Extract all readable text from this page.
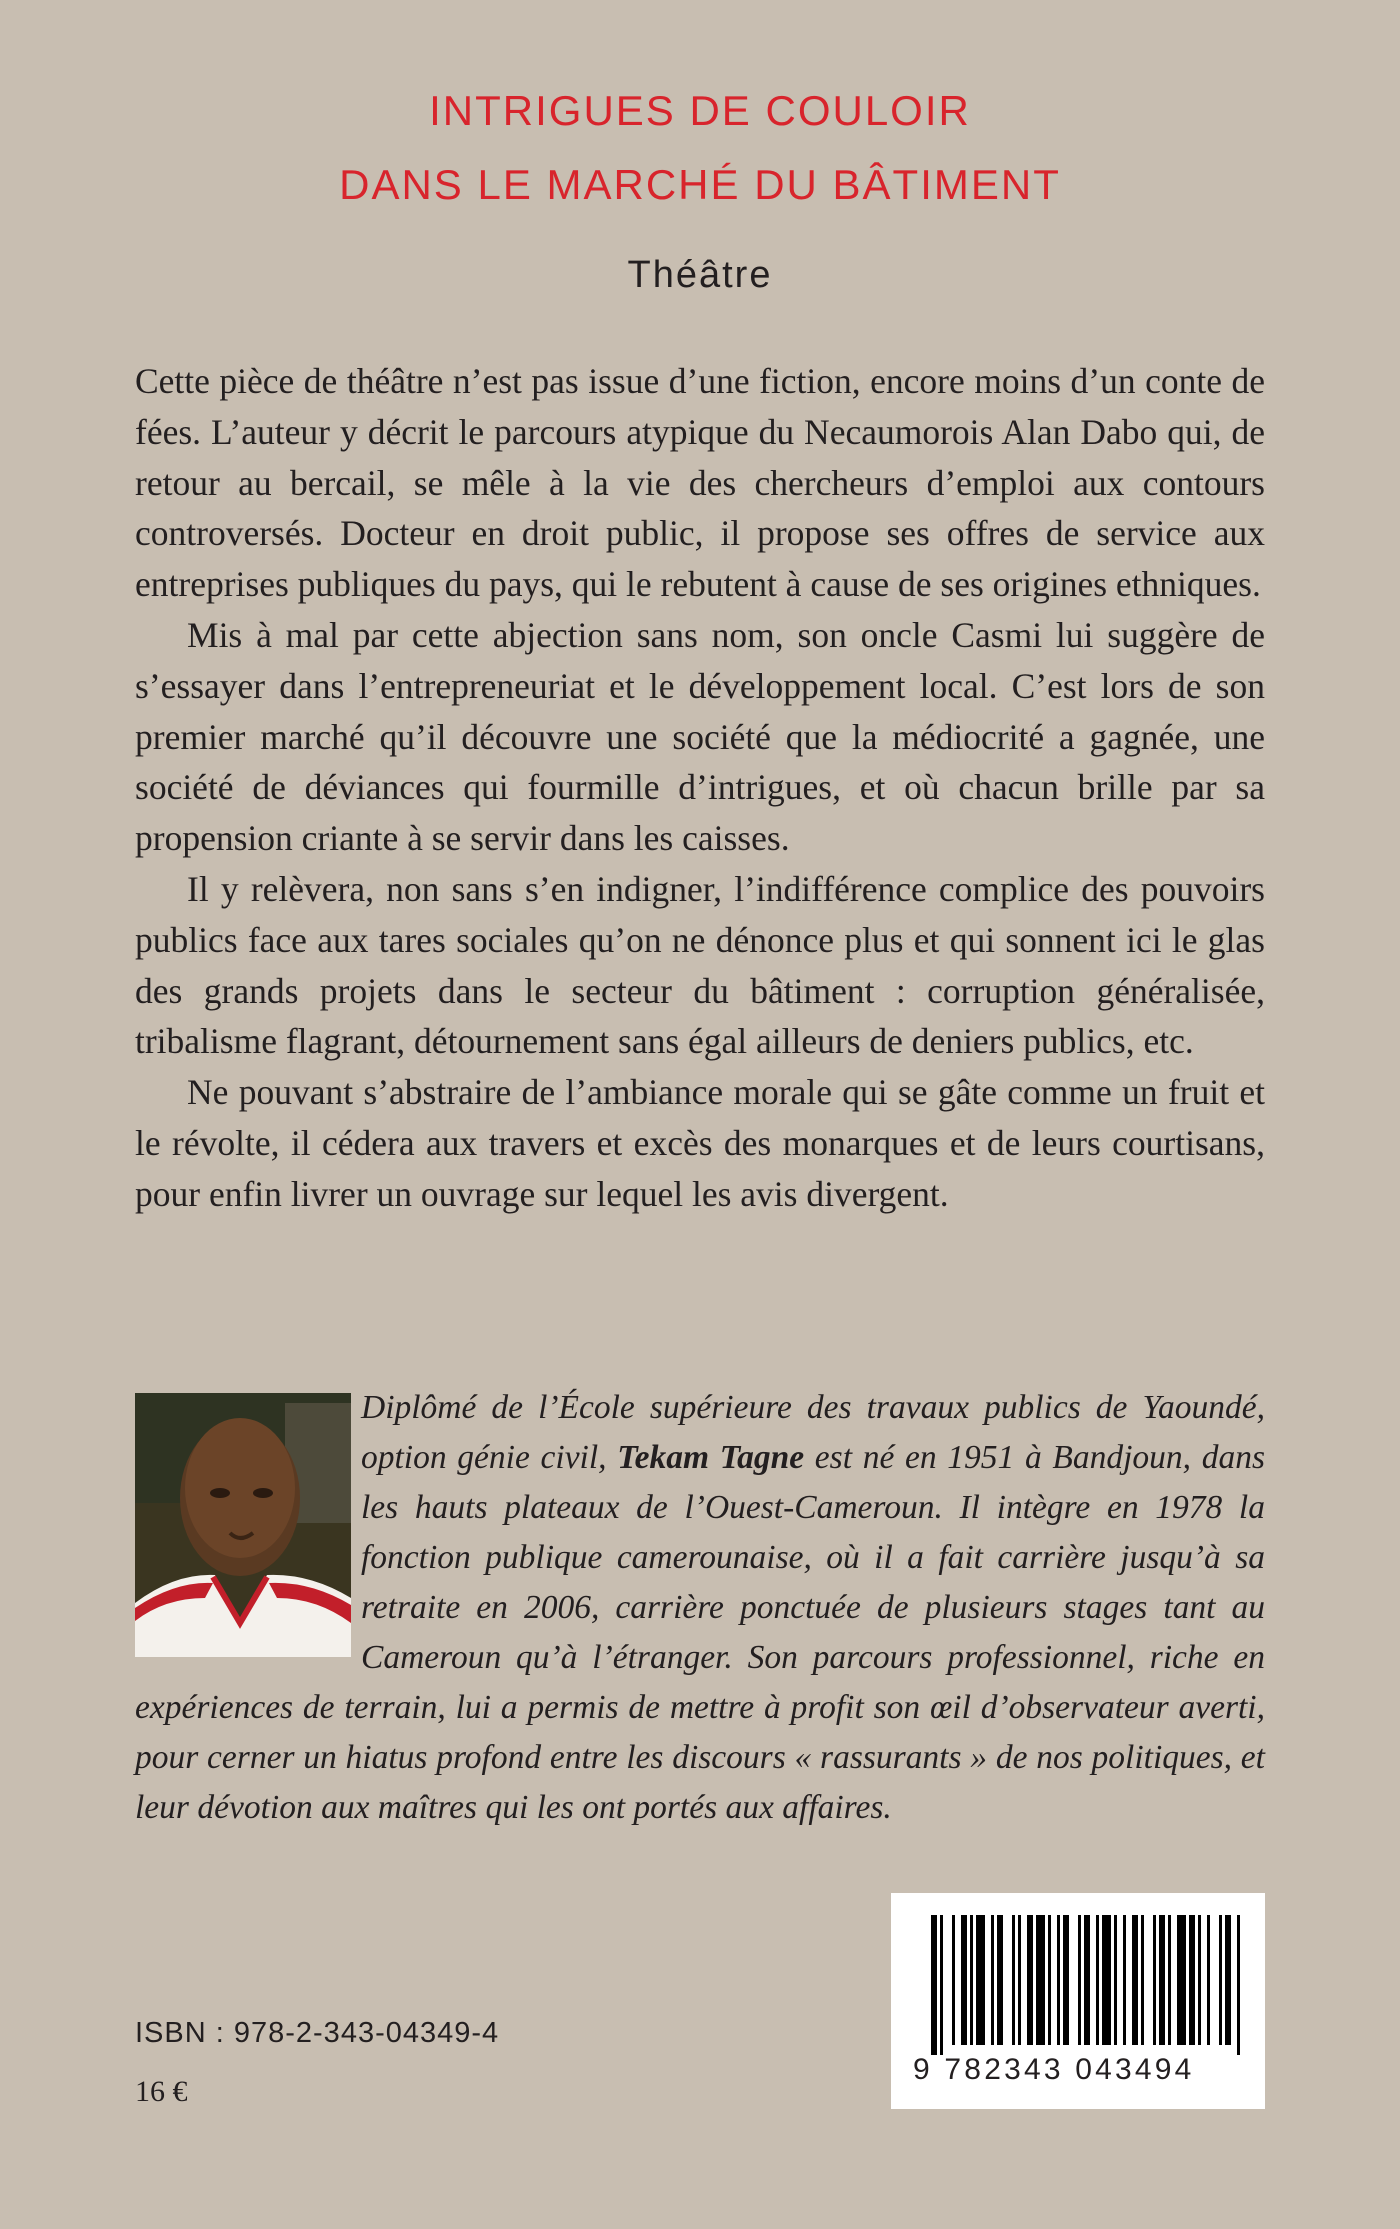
INTRIGUES DE COULOIR
DANS LE MARCHÉ DU BÂTIMENT
Théâtre

Cette pièce de théâtre n’est pas issue d’une fiction, encore moins d’un conte de fées. L’auteur y décrit le parcours atypique du Necaumorois Alan Dabo qui, de retour au bercail, se mêle à la vie des chercheurs d’emploi aux contours controversés. Docteur en droit public, il propose ses offres de service aux entreprises publiques du pays, qui le rebutent à cause de ses origines ethniques.

Mis à mal par cette abjection sans nom, son oncle Casmi lui suggère de s’essayer dans l’entrepreneuriat et le développement local. C’est lors de son premier marché qu’il découvre une société que la médiocrité a gagnée, une société de déviances qui fourmille d’intrigues, et où chacun brille par sa propension criante à se servir dans les caisses.

Il y relèvera, non sans s’en indigner, l’indifférence complice des pouvoirs publics face aux tares sociales qu’on ne dénonce plus et qui sonnent ici le glas des grands projets dans le secteur du bâtiment : corruption généralisée, tribalisme flagrant, détournement sans égal ailleurs de deniers publics, etc.

Ne pouvant s’abstraire de l’ambiance morale qui se gâte comme un fruit et le révolte, il cédera aux travers et excès des monarques et de leurs courtisans, pour enfin livrer un ouvrage sur lequel les avis divergent.

Diplômé de l’École supérieure des travaux publics de Yaoundé, option génie civil, Tekam Tagne est né en 1951 à Bandjoun, dans les hauts plateaux de l’Ouest-Cameroun. Il intègre en 1978 la fonction publique camerounaise, où il a fait carrière jusqu’à sa retraite en 2006, carrière ponctuée de plusieurs stages tant au Cameroun qu’à l’étranger. Son parcours professionnel, riche en expériences de terrain, lui a permis de mettre à profit son œil d’observateur averti, pour cerner un hiatus profond entre les discours « rassurants » de nos politiques, et leur dévotion aux maîtres qui les ont portés aux affaires.
9 782343 043494
ISBN : 978-2-343-04349-4
16 €
